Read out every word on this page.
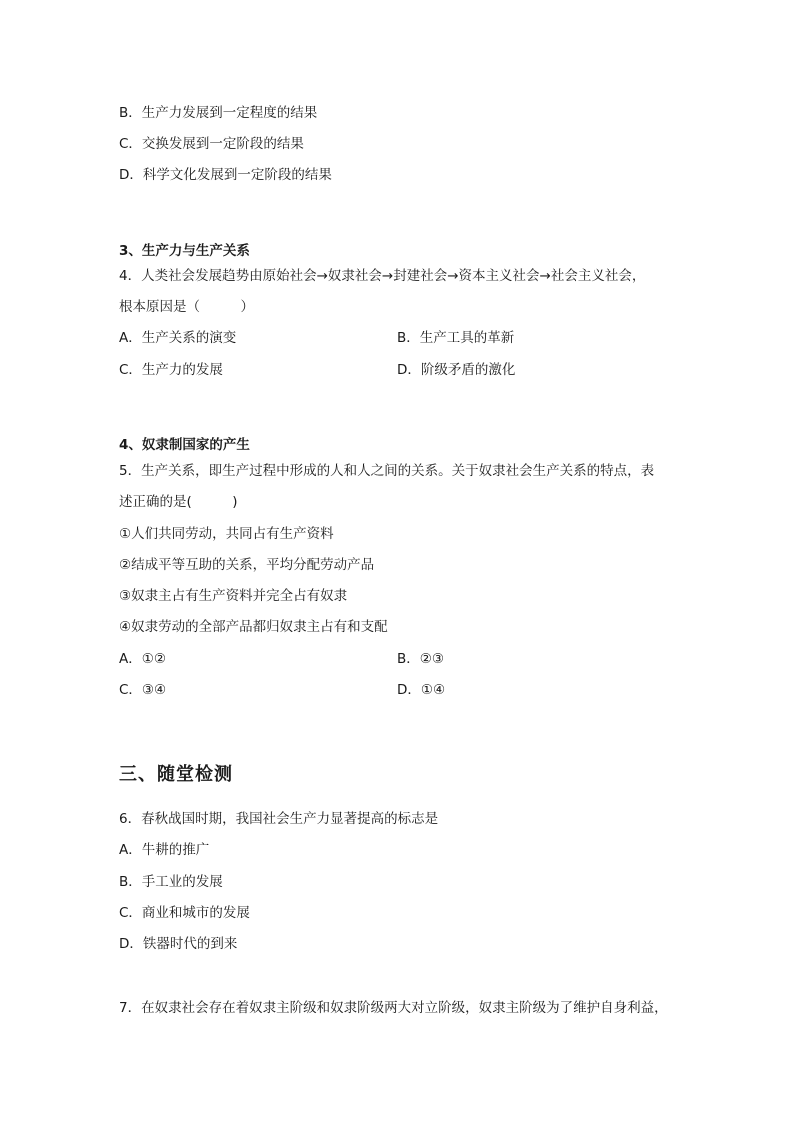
B．生产力发展到一定程度的结果
C．交换发展到一定阶段的结果
D．科学文化发展到一定阶段的结果
3、生产力与生产关系
4．人类社会发展趋势由原始社会→奴隶社会→封建社会→资本主义社会→社会主义社会，
根本原因是（　　　）
A．生产关系的演变	B．生产工具的革新
C．生产力的发展	D．阶级矛盾的激化
4、奴隶制国家的产生
5．生产关系，即生产过程中形成的人和人之间的关系。关于奴隶社会生产关系的特点，表
述正确的是(　　　)
①人们共同劳动，共同占有生产资料
②结成平等互助的关系，平均分配劳动产品
③奴隶主占有生产资料并完全占有奴隶
④奴隶劳动的全部产品都归奴隶主占有和支配
A．①②	B．②③
C．③④	D．①④
三、随堂检测
6．春秋战国时期，我国社会生产力显著提高的标志是
A．牛耕的推广
B．手工业的发展
C．商业和城市的发展
D．铁器时代的到来
7．在奴隶社会存在着奴隶主阶级和奴隶阶级两大对立阶级，奴隶主阶级为了维护自身利益，
